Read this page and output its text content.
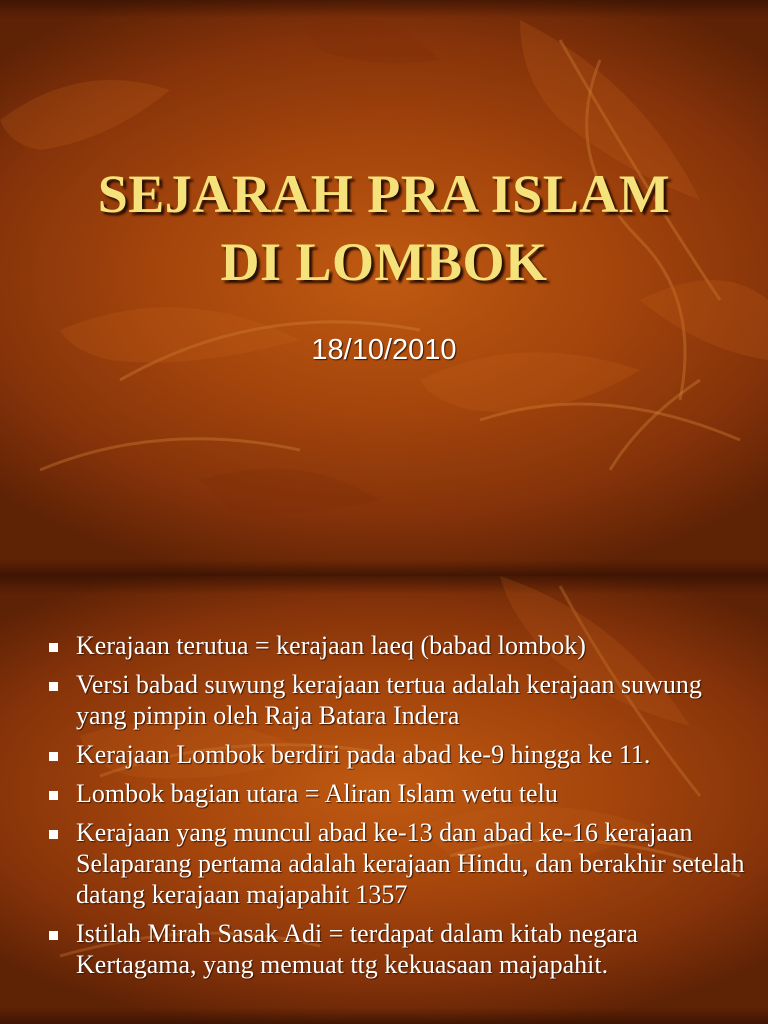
SEJARAH PRA ISLAM
DI LOMBOK
18/10/2010
Kerajaan terutua = kerajaan laeq (babad lombok)
Versi babad suwung kerajaan tertua adalah kerajaan suwung yang pimpin oleh Raja Batara Indera
Kerajaan Lombok berdiri pada abad ke-9 hingga ke 11.
Lombok bagian utara = Aliran Islam wetu telu
Kerajaan yang muncul abad ke-13 dan abad ke-16 kerajaan Selaparang pertama adalah kerajaan Hindu, dan berakhir setelah datang kerajaan majapahit 1357
Istilah Mirah Sasak Adi = terdapat dalam kitab negara Kertagama, yang memuat ttg kekuasaan majapahit.
